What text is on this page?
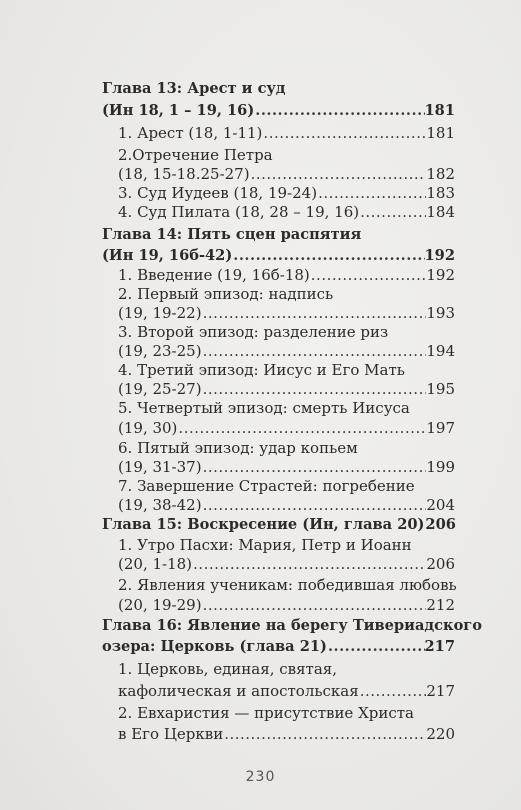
Глава 13: Арест и суд
(Ин 18, 1 – 19, 16) .....	181
1. Арест (18, 1-11) .....	181
2.Отречение Петра
(18, 15-18.25-27) .....	182
3. Суд Иудеев (18, 19-24) .....	183
4. Суд Пилата (18, 28 – 19, 16) .....	184
Глава 14: Пять сцен распятия
(Ин 19, 16б-42) .....	192
1. Введение (19, 16б-18) .....	192
2. Первый эпизод: надпись
(19, 19-22) .....	193
3. Второй эпизод: разделение риз
(19, 23-25) .....	194
4. Третий эпизод: Иисус и Его Мать
(19, 25-27) .....	195
5. Четвертый эпизод: смерть Иисуса
(19, 30) .....	197
6. Пятый эпизод: удар копьем
(19, 31-37) .....	199
7. Завершение Страстей: погребение
(19, 38-42) .....	204
Глава 15: Воскресение (Ин, глава 20) 206
1. Утро Пасхи: Мария, Петр и Иоанн
(20, 1-18) .....	206
2. Явления ученикам: победившая любовь
(20, 19-29) .....	212
Глава 16: Явление на берегу Тивериадского
озера: Церковь (глава 21) .....	217
1. Церковь, единая, святая,
кафолическая и апостольская .....	217
2. Евхаристия — присутствие Христа
в Его Церкви .....	220
230
